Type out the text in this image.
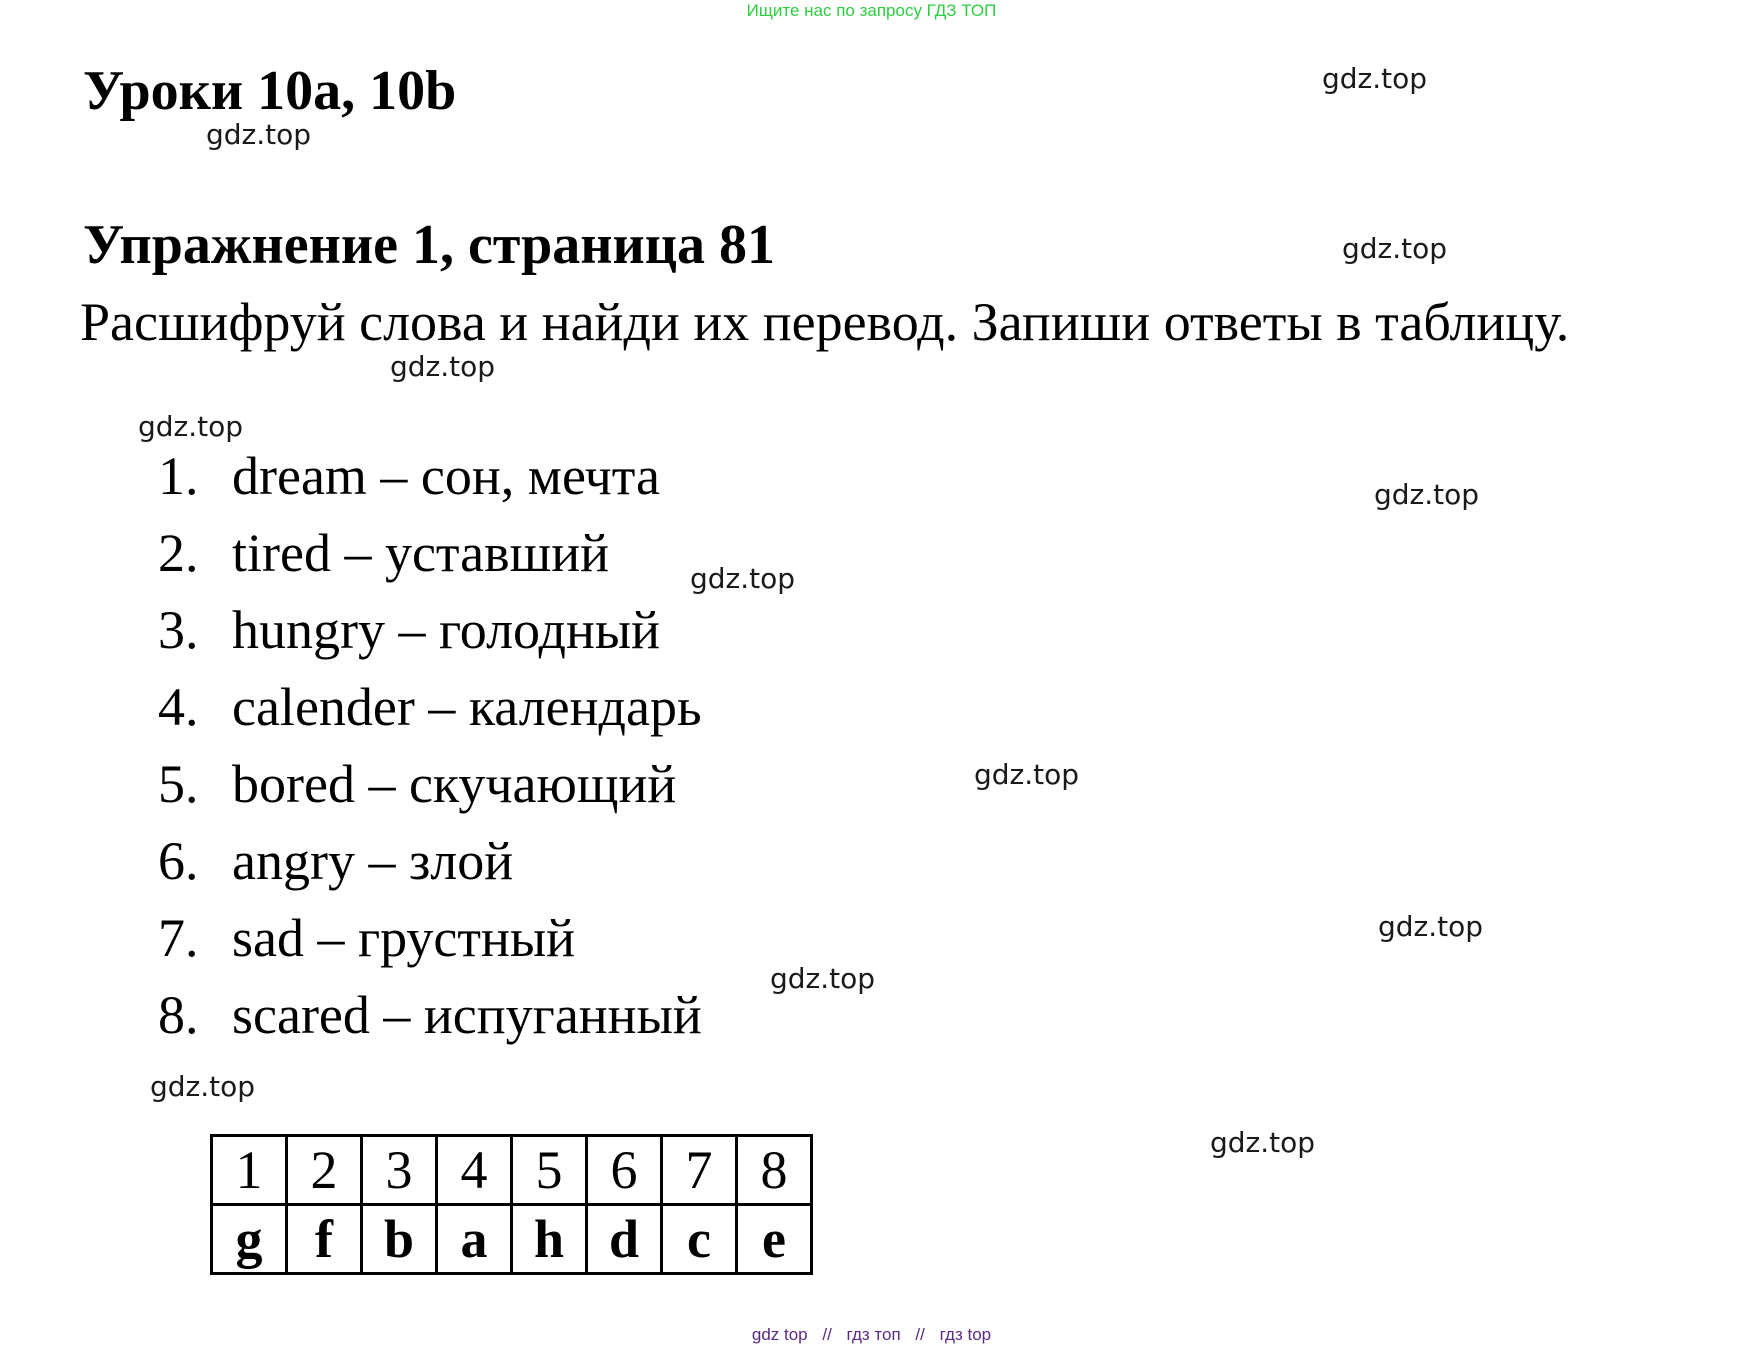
Ищите нас по запросу ГДЗ ТОП
Уроки 10a, 10b
Упражнение 1, страница 81
Расшифруй слова и найди их перевод. Запиши ответы в таблицу.
gdz.top
gdz.top
gdz.top
gdz.top
gdz.top
gdz.top
gdz.top
gdz.top
gdz.top
gdz.top
gdz.top
gdz.top
1. dream – сон, мечта
2. tired – уставший
3. hungry – голодный
4. calender – календарь
5. bored – скучающий
6. angry – злой
7. sad – грустный
8. scared – испуганный
1	2	3	4	5	6	7	8
g	f	b	a	h	d	c	e
gdz top // гдз топ // гдз top
